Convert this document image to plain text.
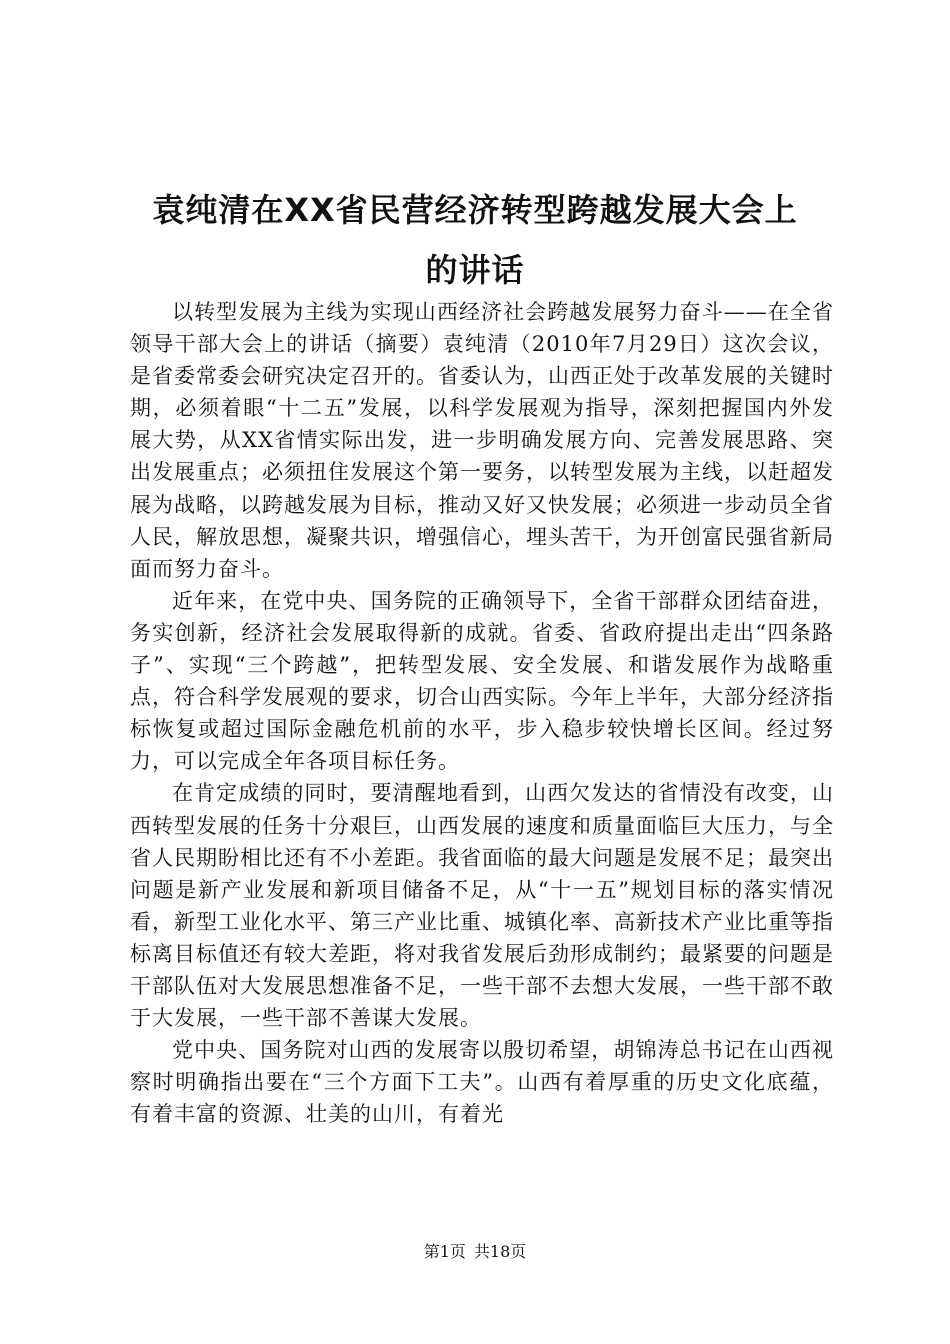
袁纯清在XX省民营经济转型跨越发展大会上
的讲话

以转型发展为主线为实现山西经济社会跨越发展努力奋斗——在全省领导干部大会上的讲话（摘要）袁纯清（2010年7月29日）这次会议，是省委常委会研究决定召开的。省委认为，山西正处于改革发展的关键时期，必须着眼“十二五”发展，以科学发展观为指导，深刻把握国内外发展大势，从XX省情实际出发，进一步明确发展方向、完善发展思路、突出发展重点；必须扭住发展这个第一要务，以转型发展为主线，以赶超发展为战略，以跨越发展为目标，推动又好又快发展；必须进一步动员全省人民，解放思想，凝聚共识，增强信心，埋头苦干，为开创富民强省新局面而努力奋斗。

近年来，在党中央、国务院的正确领导下，全省干部群众团结奋进，务实创新，经济社会发展取得新的成就。省委、省政府提出走出“四条路子”、实现“三个跨越”，把转型发展、安全发展、和谐发展作为战略重点，符合科学发展观的要求，切合山西实际。今年上半年，大部分经济指标恢复或超过国际金融危机前的水平，步入稳步较快增长区间。经过努力，可以完成全年各项目标任务。

在肯定成绩的同时，要清醒地看到，山西欠发达的省情没有改变，山西转型发展的任务十分艰巨，山西发展的速度和质量面临巨大压力，与全省人民期盼相比还有不小差距。我省面临的最大问题是发展不足；最突出问题是新产业发展和新项目储备不足，从“十一五”规划目标的落实情况看，新型工业化水平、第三产业比重、城镇化率、高新技术产业比重等指标离目标值还有较大差距，将对我省发展后劲形成制约；最紧要的问题是干部队伍对大发展思想准备不足，一些干部不去想大发展，一些干部不敢于大发展，一些干部不善谋大发展。

党中央、国务院对山西的发展寄以殷切希望，胡锦涛总书记在山西视察时明确指出要在“三个方面下工夫”。山西有着厚重的历史文化底蕴，有着丰富的资源、壮美的山川，有着光

第1页 共18页
